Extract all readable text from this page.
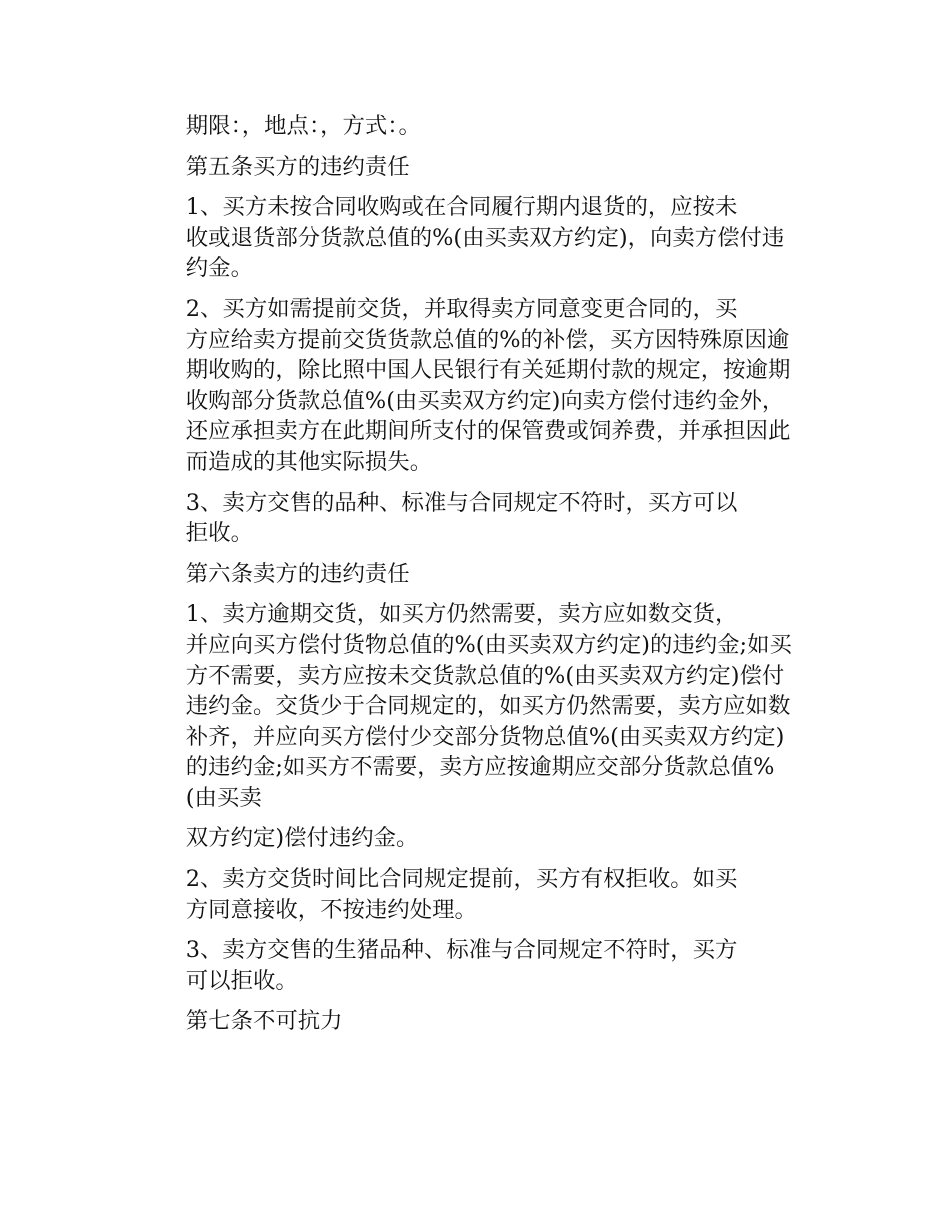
期限：，地点：，方式：。
第五条买方的违约责任
1、买方未按合同收购或在合同履行期内退货的，应按未
收或退货部分货款总值的%(由买卖双方约定)，向卖方偿付违
约金。
2、买方如需提前交货，并取得卖方同意变更合同的，买
方应给卖方提前交货货款总值的%的补偿，买方因特殊原因逾
期收购的，除比照中国人民银行有关延期付款的规定，按逾期
收购部分货款总值%(由买卖双方约定)向卖方偿付违约金外，
还应承担卖方在此期间所支付的保管费或饲养费，并承担因此
而造成的其他实际损失。
3、卖方交售的品种、标准与合同规定不符时，买方可以
拒收。
第六条卖方的违约责任
1、卖方逾期交货，如买方仍然需要，卖方应如数交货，
并应向买方偿付货物总值的%(由买卖双方约定)的违约金;如买
方不需要，卖方应按未交货款总值的%(由买卖双方约定)偿付
违约金。交货少于合同规定的，如买方仍然需要，卖方应如数
补齐，并应向买方偿付少交部分货物总值%(由买卖双方约定)
的违约金;如买方不需要，卖方应按逾期应交部分货款总值%
(由买卖
双方约定)偿付违约金。
2、卖方交货时间比合同规定提前，买方有权拒收。如买
方同意接收，不按违约处理。
3、卖方交售的生猪品种、标准与合同规定不符时，买方
可以拒收。
第七条不可抗力
